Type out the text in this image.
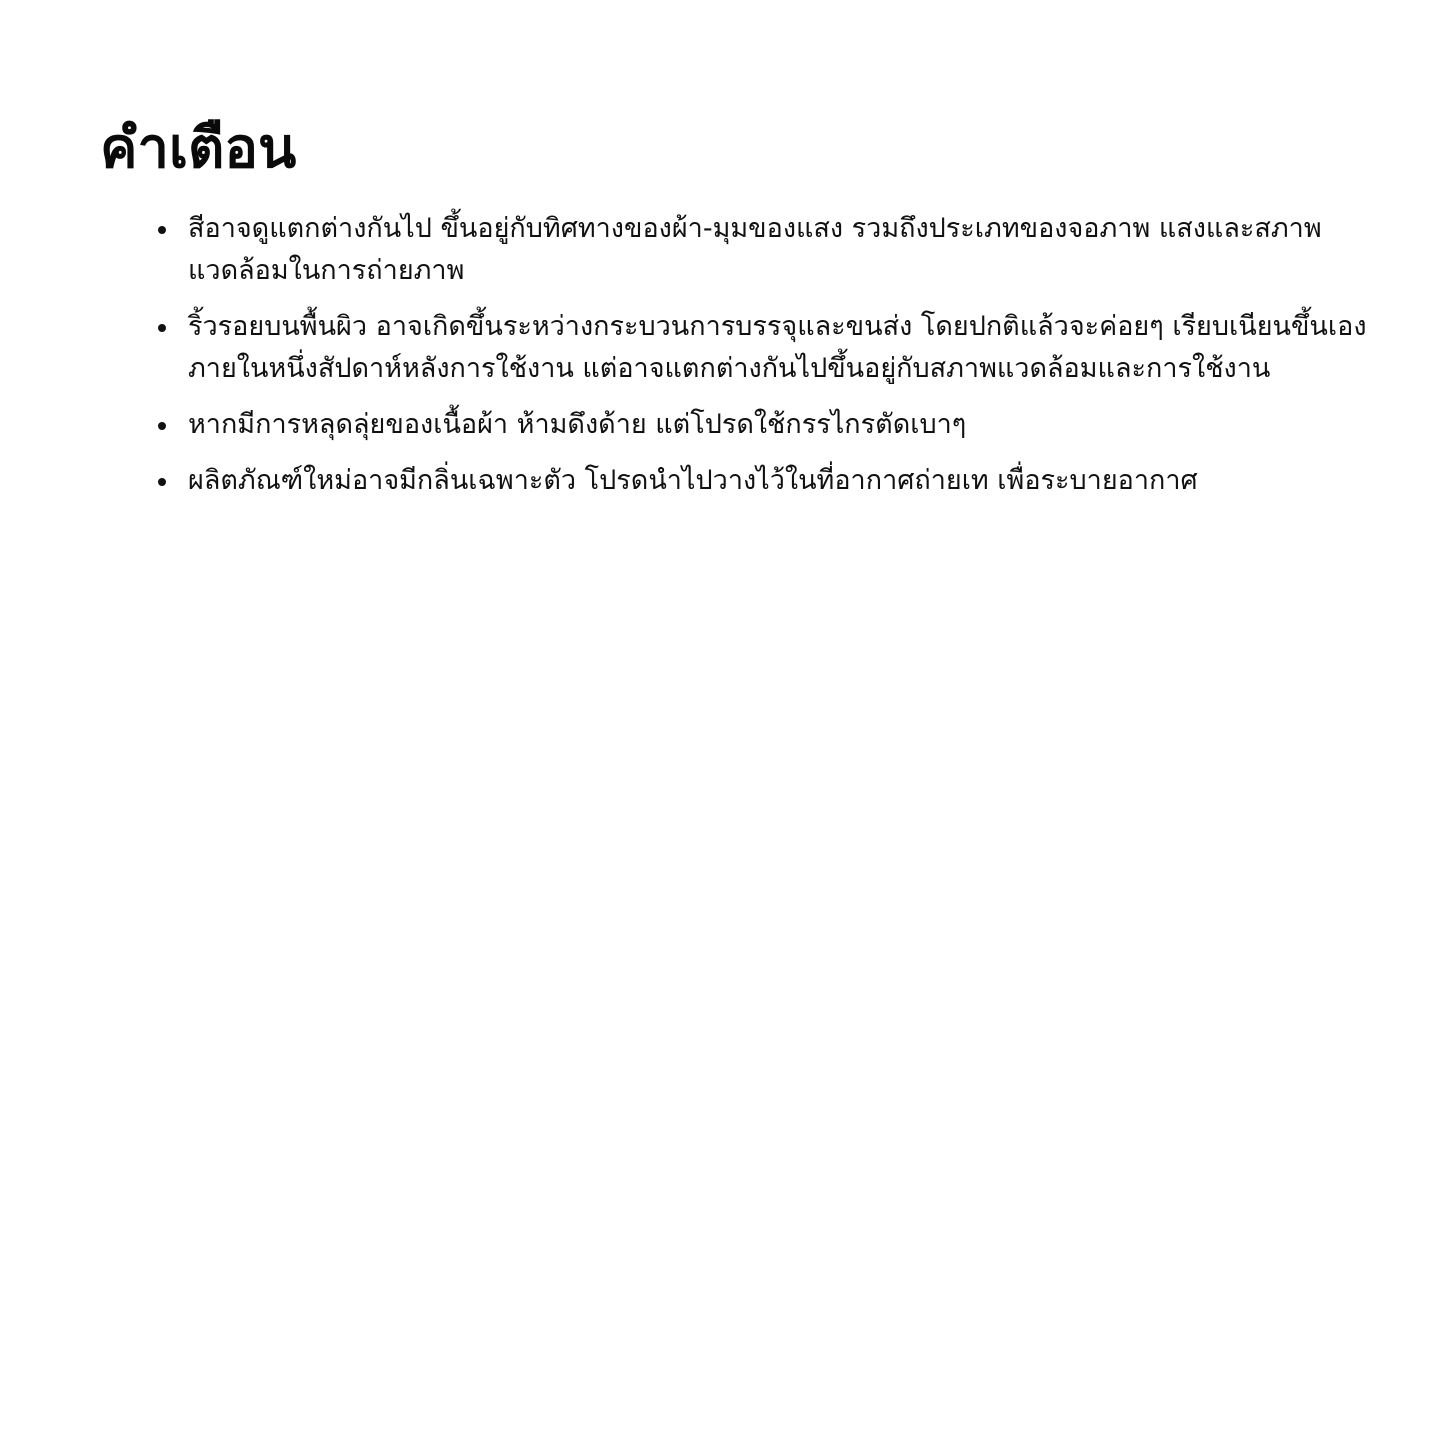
คำเตือน
สีอาจดูแตกต่างกันไป ขึ้นอยู่กับทิศทางของผ้า-มุมของแสง รวมถึงประเภทของจอภาพ แสงและสภาพแวดล้อมในการถ่ายภาพ
ริ้วรอยบนพื้นผิว อาจเกิดขึ้นระหว่างกระบวนการบรรจุและขนส่ง โดยปกติแล้วจะค่อยๆ เรียบเนียนขึ้นเองภายในหนึ่งสัปดาห์หลังการใช้งาน แต่อาจแตกต่างกันไปขึ้นอยู่กับสภาพแวดล้อมและการใช้งาน
หากมีการหลุดลุ่ยของเนื้อผ้า ห้ามดึงด้าย แต่โปรดใช้กรรไกรตัดเบาๆ
ผลิตภัณฑ์ใหม่อาจมีกลิ่นเฉพาะตัว โปรดนำไปวางไว้ในที่อากาศถ่ายเท เพื่อระบายอากาศ
